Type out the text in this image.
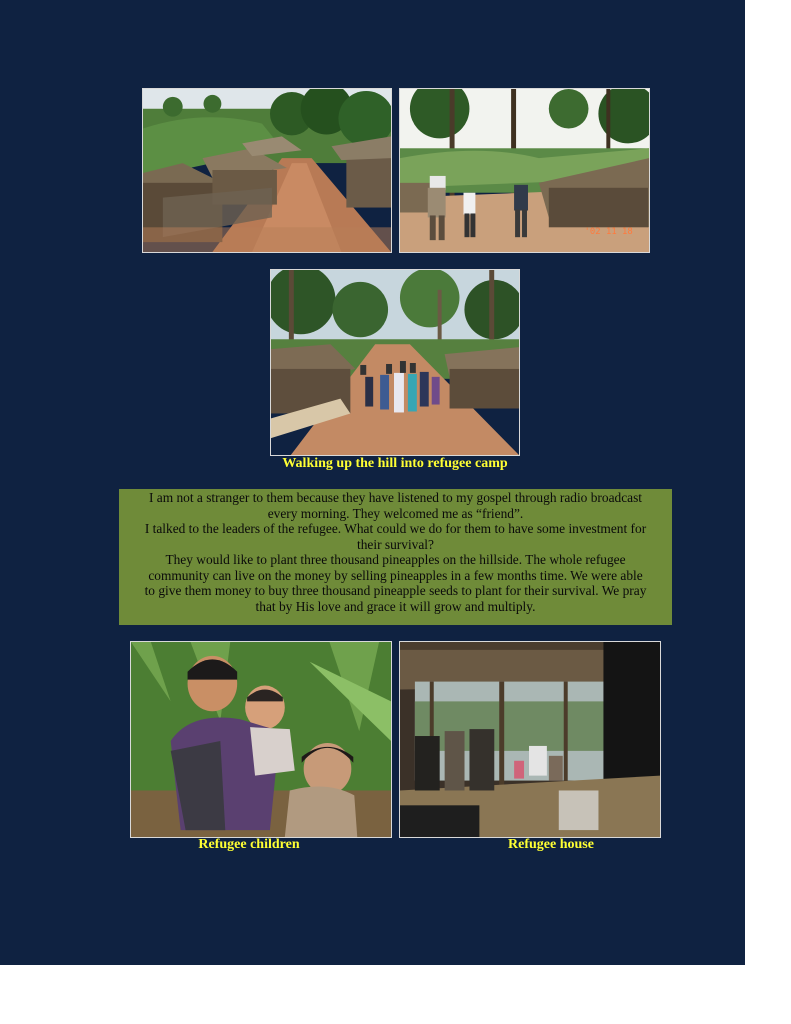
'02 11 18
Walking up the hill into refugee camp

I am not a stranger to them because they have listened to my gospel through radio broadcast

every morning. They welcomed me as “friend”.

I talked to the leaders of the refugee. What could we do for them to have some investment for

their survival?

They would like to plant three thousand pineapples on the hillside. The whole refugee

community can live on the money by selling pineapples in a few months time. We were able

to give them money to buy three thousand pineapple seeds to plant for their survival. We pray

that by His love and grace it will grow and multiply.

Refugee children	Refugee house
